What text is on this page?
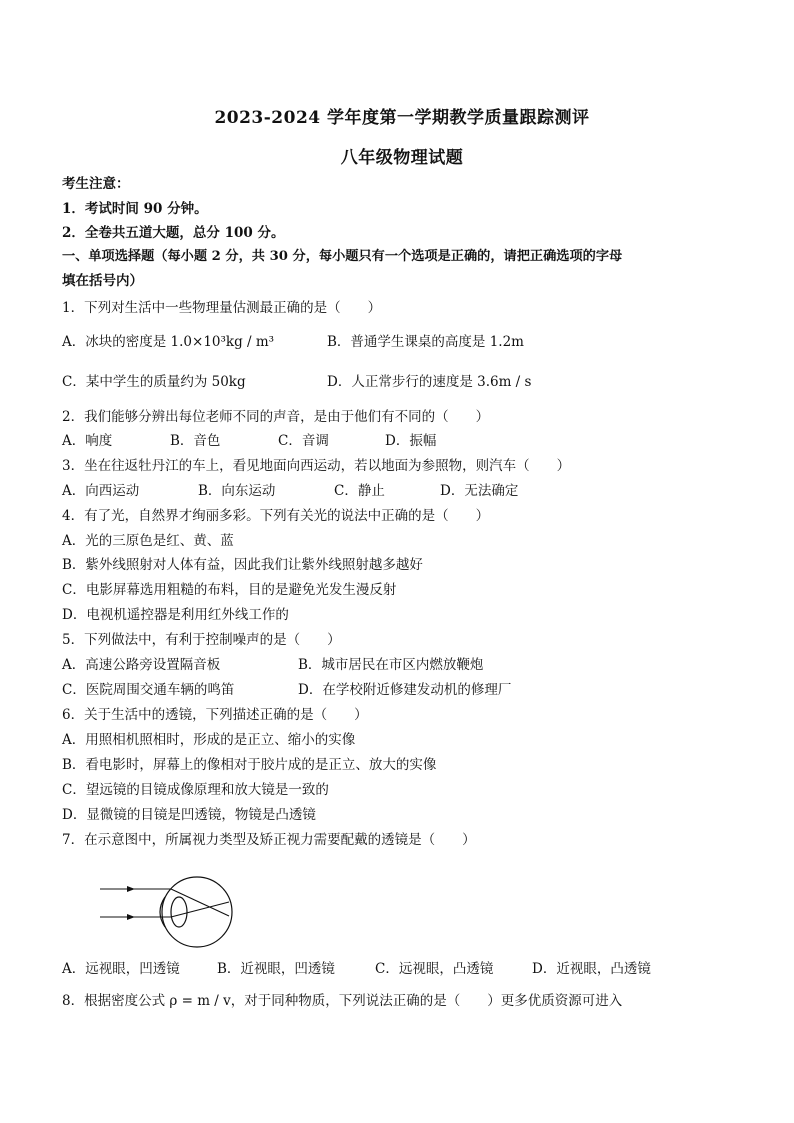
2023-2024 学年度第一学期教学质量跟踪测评
八年级物理试题
考生注意：
1．考试时间 90 分钟。
2．全卷共五道大题，总分 100 分。
一、单项选择题（每小题 2 分，共 30 分，每小题只有一个选项是正确的，请把正确选项的字母
填在括号内）
1．下列对生活中一些物理量估测最正确的是（　　）
A．冰块的密度是 1.0×10³kg / m³	B．普通学生课桌的高度是 1.2m
C．某中学生的质量约为 50kg	D．人正常步行的速度是 3.6m / s
2．我们能够分辨出每位老师不同的声音，是由于他们有不同的（　　）
A．响度	B．音色	C．音调	D．振幅
3．坐在往返牡丹江的车上，看见地面向西运动，若以地面为参照物，则汽车（　　）
A．向西运动	B．向东运动	C．静止	D．无法确定
4．有了光，自然界才绚丽多彩。下列有关光的说法中正确的是（　　）
A．光的三原色是红、黄、蓝
B．紫外线照射对人体有益，因此我们让紫外线照射越多越好
C．电影屏幕选用粗糙的布料，目的是避免光发生漫反射
D．电视机遥控器是利用红外线工作的
5．下列做法中，有利于控制噪声的是（　　）
A．高速公路旁设置隔音板	B．城市居民在市区内燃放鞭炮
C．医院周围交通车辆的鸣笛	D．在学校附近修建发动机的修理厂
6．关于生活中的透镜，下列描述正确的是（　　）
A．用照相机照相时，形成的是正立、缩小的实像
B．看电影时，屏幕上的像相对于胶片成的是正立、放大的实像
C．望远镜的目镜成像原理和放大镜是一致的
D．显微镜的目镜是凹透镜，物镜是凸透镜
7．在示意图中，所属视力类型及矫正视力需要配戴的透镜是（　　）
A．远视眼，凹透镜	B．近视眼，凹透镜	C．远视眼，凸透镜	D．近视眼，凸透镜
8．根据密度公式 ρ = m / v，对于同种物质，下列说法正确的是（　　）更多优质资源可进入
